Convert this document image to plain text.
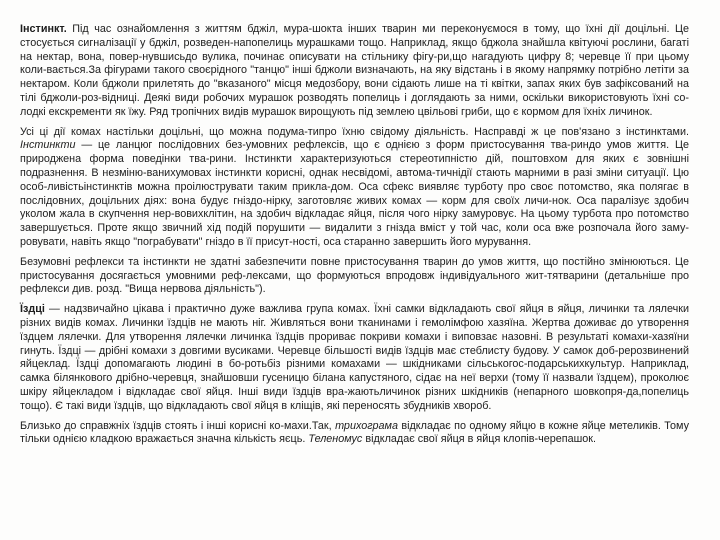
Інстинкт. Під час ознайомлення з життям бджіл, мура-шокта інших тварин ми переконуємося в тому, що їхні дії доцільні. Це стосується сигналізації у бджіл, розведен-напопелиць мурашками тощо. Наприклад, якщо бджола знайшла квітуючі рослини, багаті на нектар, вона, повер-нувшисьдо вулика, починає описувати на стільнику фігу-ри,що нагадують цифру 8; черевце її при цьому коли-вається.За фігурами такого своєрідного "танцю" інші бджоли визначають, на яку відстань і в якому напрямку потрібно летіти за нектаром. Коли бджоли прилетять до "вказаного" місця медозбору, вони сідають лише на ті квітки, запах яких був зафіксований на тілі бджоли-роз-відниці. Деякі види робочих мурашок розводять попелиць і доглядають за ними, оскільки використовують їхні со-лодкі екскременти як їжу. Ряд тропічних видів мурашок вирощують під землею цвільові гриби, що є кормом для їхніх личинок.

Усі ці дії комах настільки доцільні, що можна подума-типро їхню свідому діяльність. Насправді ж це пов'язано з інстинктами. Інстинкти — це ланцюг послідовних без-умовних рефлексів, що є однією з форм пристосування тва-риндо умов життя. Це природжена форма поведінки тва-рини. Інстинкти характеризуються стереотипністю дій, поштовхом для яких є зовнішні подразнення. В незміню-ванихумовах інстинкти корисні, однак несвідомі, автома-тичнідії стають марними в разі зміни ситуації. Цю особ-ливістьінстинктів можна проілюструвати таким прикла-дом. Оса сфекс виявляє турботу про своє потомство, яка полягає в послідовних, доцільних діях: вона будує гніздо-нірку, заготовляє живих комах — корм для своїх личи-нок. Оса паралізує здобич уколом жала в скупчення нер-вовихклітин, на здобич відкладає яйця, після чого нірку замуровує. На цьому турбота про потомство завершується. Проте якщо звичний хід подій порушити — видалити з гнізда вміст у той час, коли оса вже розпочала його заму-ровувати, навіть якщо "пограбувати" гніздо в її присут-ності, оса старанно завершить його мурування.

Безумовні рефлекси та інстинкти не здатні забезпечити повне пристосування тварин до умов життя, що постійно змінюються. Це пристосування досягається умовними реф-лексами, що формуються впродовж індивідуального жит-тятварини (детальніше про рефлекси див. розд. "Вища нервова діяльність").

Їздці — надзвичайно цікава і практично дуже важлива група комах. Їхні самки відкладають свої яйця в яйця, личинки та лялечки різних видів комах. Личинки їздців не мають ніг. Живляться вони тканинами і гемолімфою хазяїна. Жертва доживає до утворення їздцем лялечки. Для утворення лялечки личинка їздців прориває покриви комахи і виповзає назовні. В результаті комахи-хазяїни гинуть. Їздці — дрібні комахи з довгими вусиками. Черевце більшості видів їздців має стеблисту будову. У самок доб-рерозвинений яйцеклад. Їздці допомагають людині в бо-ротьбіз різними комахами — шкідниками сільськогос-подарськихкультур. Наприклад, самка білянкового дрібно-черевця, знайшовши гусеницю білана капустяного, сідає на неї верхи (тому її назвали їздцем), проколює шкіру яйцекладом і відкладає свої яйця. Інші види їздців вра-жаютьличинок різних шкідників (непарного шовкопря-да,попелиць тощо). Є такі види їздців, що відкладають свої яйця в кліщів, які переносять збудників хвороб.

Близько до справжніх їздців стоять і інші корисні ко-махи.Так, трихограма відкладає по одному яйцю в кожне яйце метеликів. Тому тільки однією кладкою вражається значна кількість яєць. Теленомус відкладає свої яйця в яйця клопів-черепашок.
